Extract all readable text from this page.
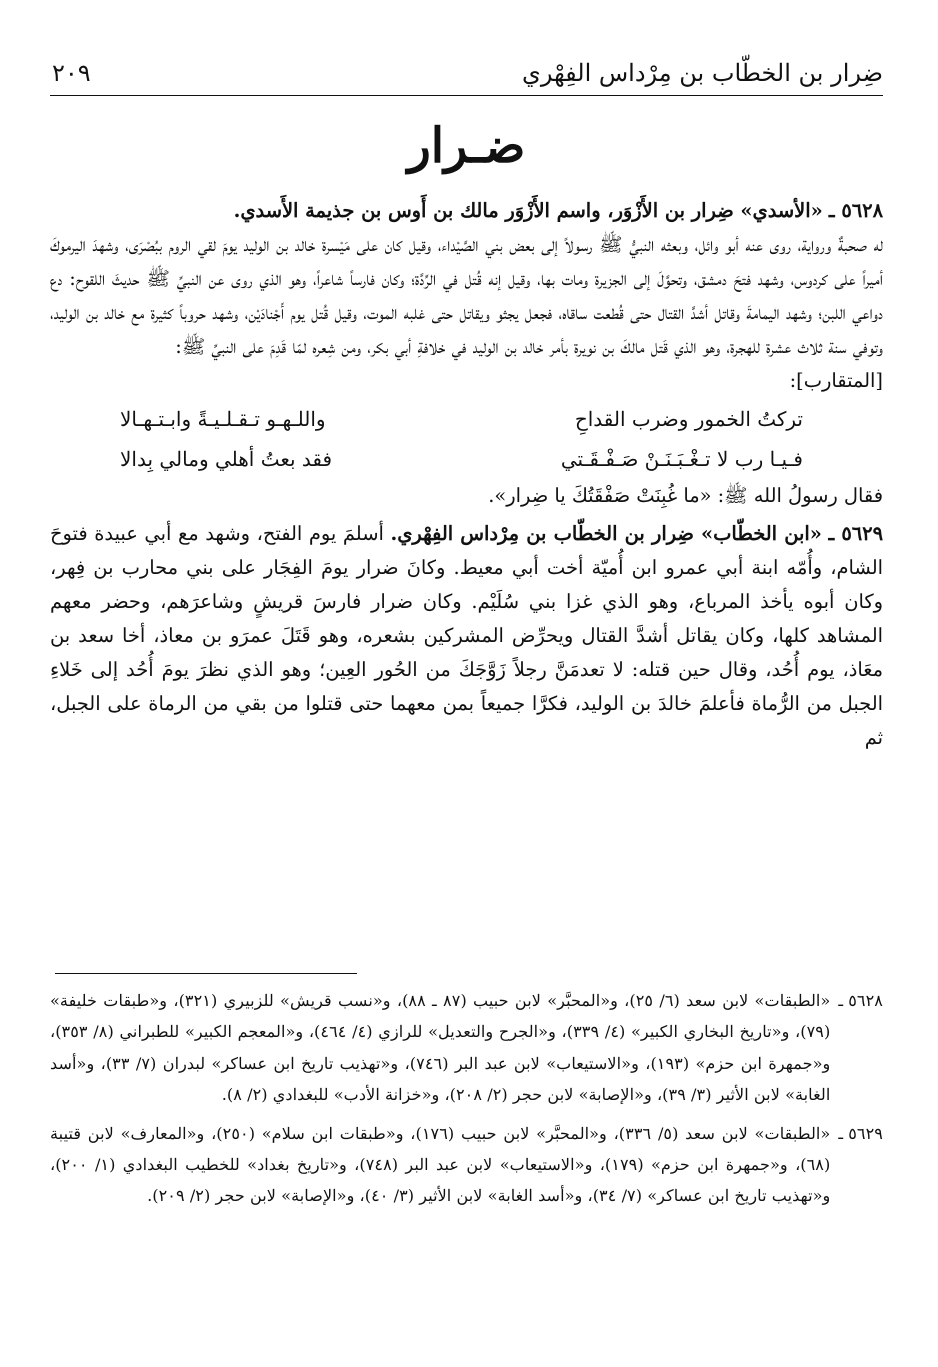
ضِرار بن الخطّاب بن مِرْداس الفِهْري
٢٠٩
ضـرار

٥٦٢٨ ـ «الأسدي» ضِرار بن الأَزْوَر، واسم الأَزْوَر مالك بن أَوس بن جذيمة الأَسدي.

له صحبةٌ ورواية، روى عنه أبو وائل، وبعثه النبيُّ ﷺ رسولاً إلى بعض بني الصَّيْداء، وقيل كان على مَيْسرة خالد بن الوليد يومَ لقي الروم ببُصْرَى، وشهدَ اليرموكَ أميراً على كردوس، وشهد فتحَ دمشق، وتحوَّلَ إلى الجزيرة ومات بها، وقيل إنه قُتل في الرِّدَّة؛ وكان فارساً شاعراً، وهو الذي روى عن النبيِّ ﷺ حديثَ اللقوح: دع دواعي اللبن؛ وشهد اليمامةَ وقاتل أشدَّ القتال حتى قُطعت ساقاه، فجعل يجثو ويقاتل حتى غلبه الموت، وقيل قُتل يوم أَجْنادَيْن، وشهد حروباً كثيرة مع خالد بن الوليد، وتوفي سنة ثلاث عشرة للهجرة، وهو الذي قَتل مالكَ بن نويرة بأمر خالد بن الوليد في خلافةِ أبي بكر، ومن شِعره لمّا قَدِمَ على النبيِّ ﷺ:

[المتقارب]:

تركتُ الخمور وضرب القداحِ
واللـهـو تـقـلـيـةً وابـتـهـالا
فـيـا رب لا تـغْـبَـنَـنْ صَـفْـقَـتي
فقد بعتُ أهلي ومالي بِدالا

فقال رسولُ الله ﷺ: «ما غُبِنَتْ صَفْقَتُكَ يا ضِرار».

٥٦٢٩ ـ «ابن الخطّاب» ضِرار بن الخطّاب بن مِرْداس الفِهْري. أسلمَ يوم الفتح، وشهد مع أبي عبيدة فتوحَ الشام، وأُمّه ابنة أبي عمرو ابن أُميّة أخت أبي معيط. وكانَ ضرار يومَ الفِجَار على بني محارب بن فِهر، وكان أبوه يأخذ المرباع، وهو الذي غزا بني سُلَيْم. وكان ضرار فارسَ قريشٍ وشاعرَهم، وحضر معهم المشاهد كلها، وكان يقاتل أشدَّ القتال ويحرِّض المشركين بشعره، وهو قَتَلَ عمرَو بن معاذ، أخا سعد بن معَاذ، يوم أُحُد، وقال حين قتله: لا تعدمَنَّ رجلاً زَوَّجَكَ من الحُور العِين؛ وهو الذي نظرَ يومَ أُحُد إلى خَلاءِ الجبل من الرُّماة فأعلمَ خالدَ بن الوليد، فكرَّا جميعاً بمن معهما حتى قتلوا من بقي من الرماة على الجبل، ثم

٥٦٢٨ ـ
«الطبقات» لابن سعد (٦/ ٢٥)، و«المحبَّر» لابن حبيب (٨٧ ـ ٨٨)، و«نسب قريش» للزبيري (٣٢١)، و«طبقات خليفة» (٧٩)، و«تاريخ البخاري الكبير» (٤/ ٣٣٩)، و«الجرح والتعديل» للرازي (٤/ ٤٦٤)، و«المعجم الكبير» للطبراني (٨/ ٣٥٣)، و«جمهرة ابن حزم» (١٩٣)، و«الاستيعاب» لابن عبد البر (٧٤٦)، و«تهذيب تاريخ ابن عساكر» لبدران (٧/ ٣٣)، و«أسد الغابة» لابن الأثير (٣/ ٣٩)، و«الإصابة» لابن حجر (٢/ ٢٠٨)، و«خزانة الأدب» للبغدادي (٢/ ٨).
٥٦٢٩ ـ
«الطبقات» لابن سعد (٥/ ٣٣٦)، و«المحبَّر» لابن حبيب (١٧٦)، و«طبقات ابن سلام» (٢٥٠)، و«المعارف» لابن قتيبة (٦٨)، و«جمهرة ابن حزم» (١٧٩)، و«الاستيعاب» لابن عبد البر (٧٤٨)، و«تاريخ بغداد» للخطيب البغدادي (١/ ٢٠٠)، و«تهذيب تاريخ ابن عساكر» (٧/ ٣٤)، و«أسد الغابة» لابن الأثير (٣/ ٤٠)، و«الإصابة» لابن حجر (٢/ ٢٠٩).
